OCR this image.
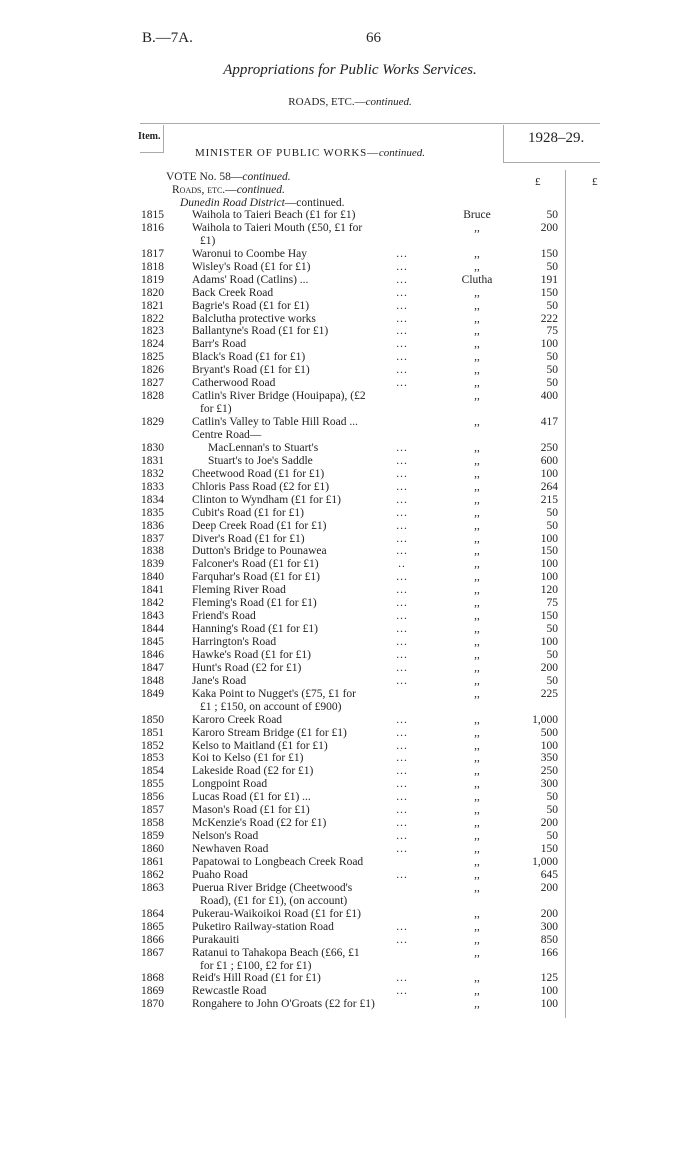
B.—7A.	66
Appropriations for Public Works Services.
ROADS, ETC.—continued.
Item.	1928–29.
MINISTER OF PUBLIC WORKS—continued.
£	£
VOTE No. 58—continued.
Roads, etc.—continued.
Dunedin Road District—continued.
1815 Waihola to Taieri Beach (£1 for £1)	Bruce	50
1816 Waihola to Taieri Mouth (£50, £1 for	,,	200
£1)
1817 Waronui to Coombe Hay	...	,,	150
1818 Wisley's Road (£1 for £1)	...	,,	50
1819 Adams' Road (Catlins) ...	...	Clutha	191
1820 Back Creek Road	...	,,	150
1821 Bagrie's Road (£1 for £1)	...	,,	50
1822 Balclutha protective works	...	,,	222
1823 Ballantyne's Road (£1 for £1)	...	,,	75
1824 Barr's Road	...	,,	100
1825 Black's Road (£1 for £1)	...	,,	50
1826 Bryant's Road (£1 for £1)	...	,,	50
1827 Catherwood Road	...	,,	50
1828 Catlin's River Bridge (Houipapa), (£2	,,	400
for £1)
1829 Catlin's Valley to Table Hill Road ...	,,	417
Centre Road—
1830	MacLennan's to Stuart's	...	,,	250
1831	Stuart's to Joe's Saddle	...	,,	600
1832 Cheetwood Road (£1 for £1)	...	,,	100
1833 Chloris Pass Road (£2 for £1)	...	,,	264
1834 Clinton to Wyndham (£1 for £1)	...	,,	215
1835 Cubit's Road (£1 for £1)	...	,,	50
1836 Deep Creek Road (£1 for £1)	...	,,	50
1837 Diver's Road (£1 for £1)	...	,,	100
1838 Dutton's Bridge to Pounawea	...	,,	150
1839 Falconer's Road (£1 for £1)	..	,,	100
1840 Farquhar's Road (£1 for £1)	...	,,	100
1841 Fleming River Road	...	,,	120
1842 Fleming's Road (£1 for £1)	...	,,	75
1843 Friend's Road	...	,,	150
1844 Hanning's Road (£1 for £1)	...	,,	50
1845 Harrington's Road	...	,,	100
1846 Hawke's Road (£1 for £1)	...	,,	50
1847 Hunt's Road (£2 for £1)	...	,,	200
1848 Jane's Road	...	,,	50
1849 Kaka Point to Nugget's (£75, £1 for	,,	225
£1 ; £150, on account of £900)
1850 Karoro Creek Road	...	,,	1,000
1851 Karoro Stream Bridge (£1 for £1)	...	,,	500
1852 Kelso to Maitland (£1 for £1)	...	,,	100
1853 Koi to Kelso (£1 for £1)	...	,,	350
1854 Lakeside Road (£2 for £1)	...	,,	250
1855 Longpoint Road	...	,,	300
1856 Lucas Road (£1 for £1) ...	...	,,	50
1857 Mason's Road (£1 for £1)	...	,,	50
1858 McKenzie's Road (£2 for £1)	...	,,	200
1859 Nelson's Road	...	,,	50
1860 Newhaven Road	...	,,	150
1861 Papatowai to Longbeach Creek Road	,,	1,000
1862 Puaho Road	...	,,	645
1863 Puerua River Bridge (Cheetwood's	,,	200
Road), (£1 for £1), (on account)
1864 Pukerau-Waikoikoi Road (£1 for £1)	,,	200
1865 Puketiro Railway-station Road	...	,,	300
1866 Purakauiti	...	,,	850
1867 Ratanui to Tahakopa Beach (£66, £1	,,	166
for £1 ; £100, £2 for £1)
1868 Reid's Hill Road (£1 for £1)	...	,,	125
1869 Rewcastle Road	...	,,	100
1870 Rongahere to John O'Groats (£2 for £1)	,,	100
